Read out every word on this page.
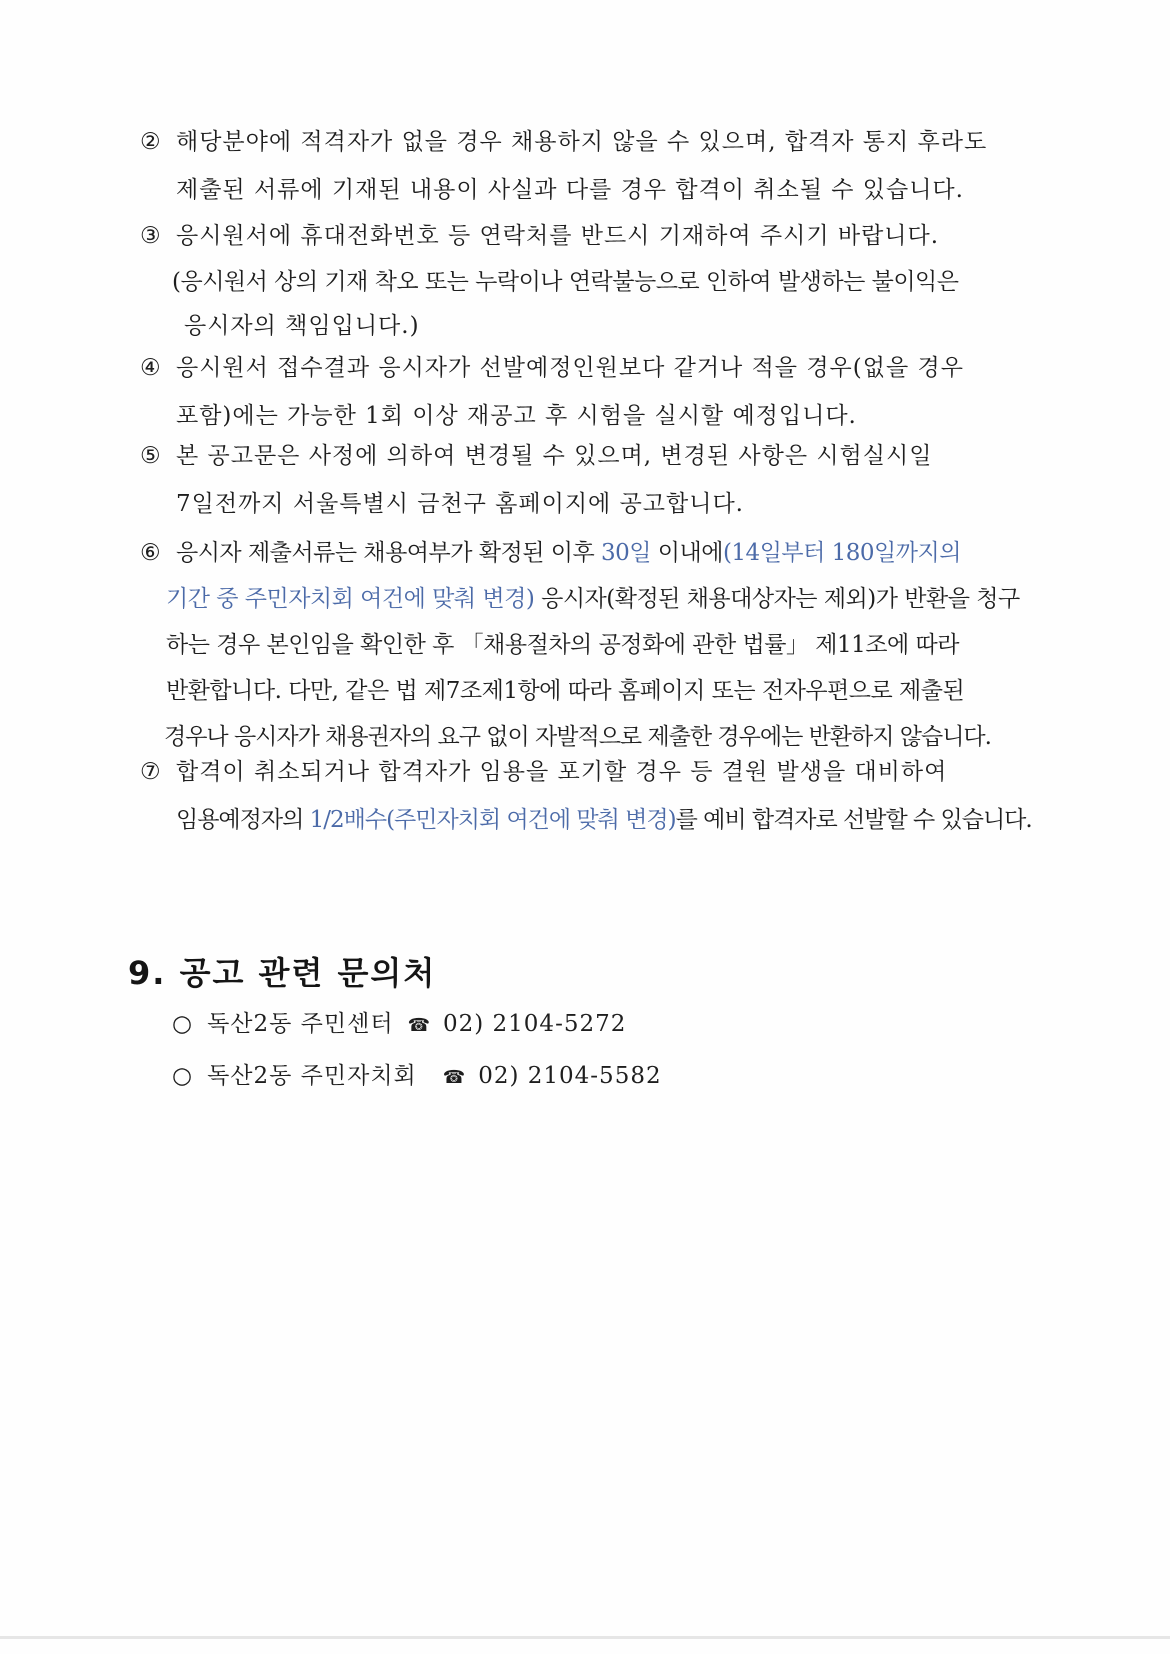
② 해당분야에 적격자가 없을 경우 채용하지 않을 수 있으며, 합격자 통지 후라도
제출된 서류에 기재된 내용이 사실과 다를 경우 합격이 취소될 수 있습니다.
③ 응시원서에 휴대전화번호 등 연락처를 반드시 기재하여 주시기 바랍니다.
(응시원서 상의 기재 착오 또는 누락이나 연락불능으로 인하여 발생하는 불이익은
응시자의 책임입니다.)
④ 응시원서 접수결과 응시자가 선발예정인원보다 같거나 적을 경우(없을 경우
포함)에는 가능한 1회 이상 재공고 후 시험을 실시할 예정입니다.
⑤ 본 공고문은 사정에 의하여 변경될 수 있으며, 변경된 사항은 시험실시일
7일전까지 서울특별시 금천구 홈페이지에 공고합니다.
⑥ 응시자 제출서류는 채용여부가 확정된 이후 30일 이내에(14일부터 180일까지의
기간 중 주민자치회 여건에 맞춰 변경) 응시자(확정된 채용대상자는 제외)가 반환을 청구
하는 경우 본인임을 확인한 후 「채용절차의 공정화에 관한 법률」 제11조에 따라
반환합니다. 다만, 같은 법 제7조제1항에 따라 홈페이지 또는 전자우편으로 제출된
경우나 응시자가 채용권자의 요구 없이 자발적으로 제출한 경우에는 반환하지 않습니다.
⑦ 합격이 취소되거나 합격자가 임용을 포기할 경우 등 결원 발생을 대비하여
임용예정자의 1/2배수(주민자치회 여건에 맞춰 변경)를 예비 합격자로 선발할 수 있습니다.
9. 공고 관련 문의처
○ 독산2동 주민센터 ☎ 02) 2104-5272
○ 독산2동 주민자치회 ☎ 02) 2104-5582
